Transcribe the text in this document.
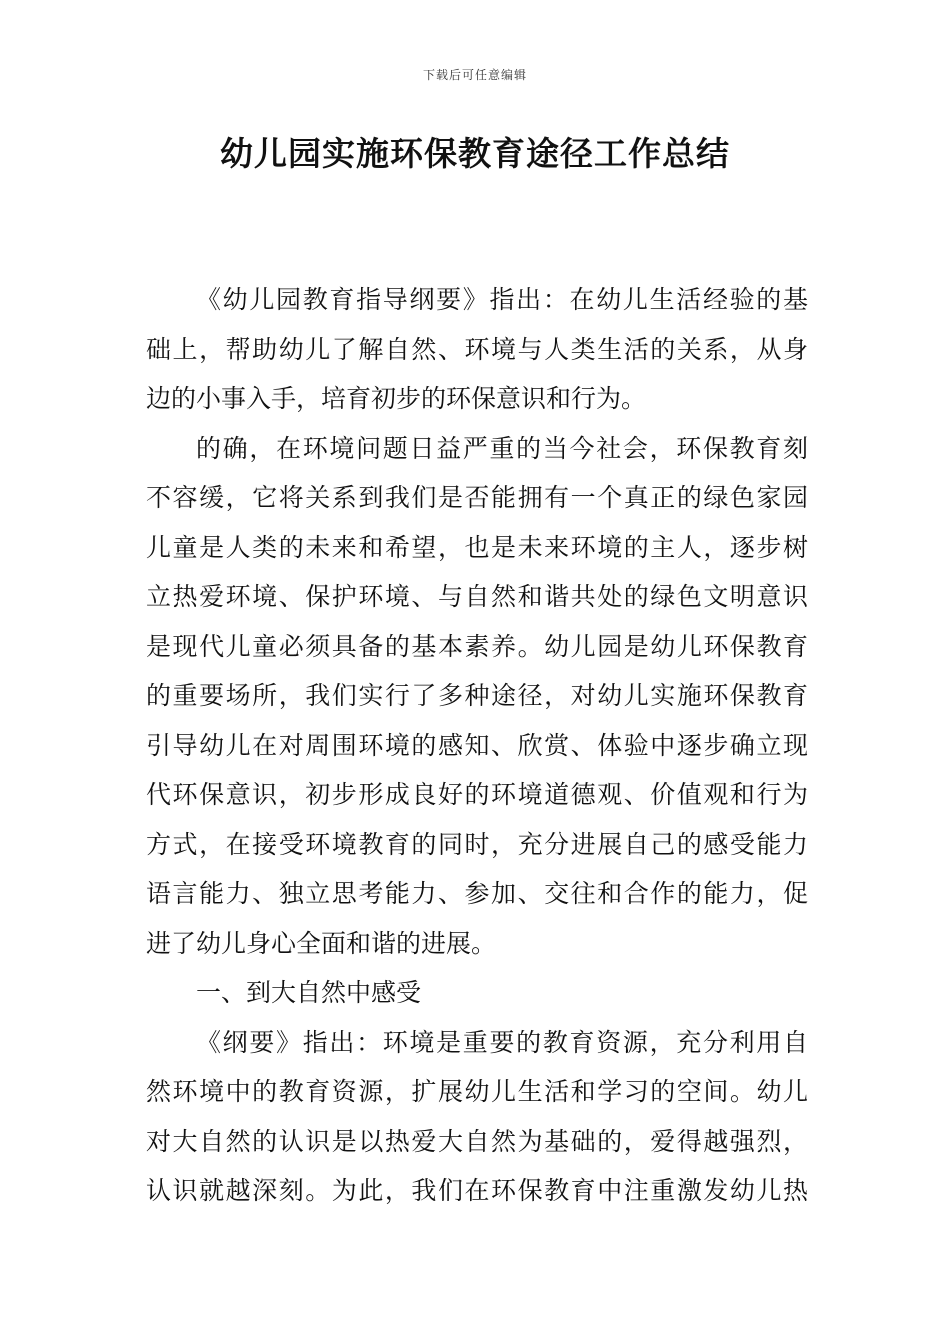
下载后可任意编辑
幼儿园实施环保教育途径工作总结
《幼儿园教育指导纲要》指出：在幼儿生活经验的基
础上，帮助幼儿了解自然、环境与人类生活的关系，从身
边的小事入手，培育初步的环保意识和行为。
的确，在环境问题日益严重的当今社会，环保教育刻
不容缓，它将关系到我们是否能拥有一个真正的绿色家园
儿童是人类的未来和希望，也是未来环境的主人，逐步树
立热爱环境、保护环境、与自然和谐共处的绿色文明意识
是现代儿童必须具备的基本素养。幼儿园是幼儿环保教育
的重要场所，我们实行了多种途径，对幼儿实施环保教育
引导幼儿在对周围环境的感知、欣赏、体验中逐步确立现
代环保意识，初步形成良好的环境道德观、价值观和行为
方式，在接受环境教育的同时，充分进展自己的感受能力
语言能力、独立思考能力、参加、交往和合作的能力，促
进了幼儿身心全面和谐的进展。
一、到大自然中感受
《纲要》指出：环境是重要的教育资源，充分利用自
然环境中的教育资源，扩展幼儿生活和学习的空间。幼儿
对大自然的认识是以热爱大自然为基础的，爱得越强烈，
认识就越深刻。为此，我们在环保教育中注重激发幼儿热
